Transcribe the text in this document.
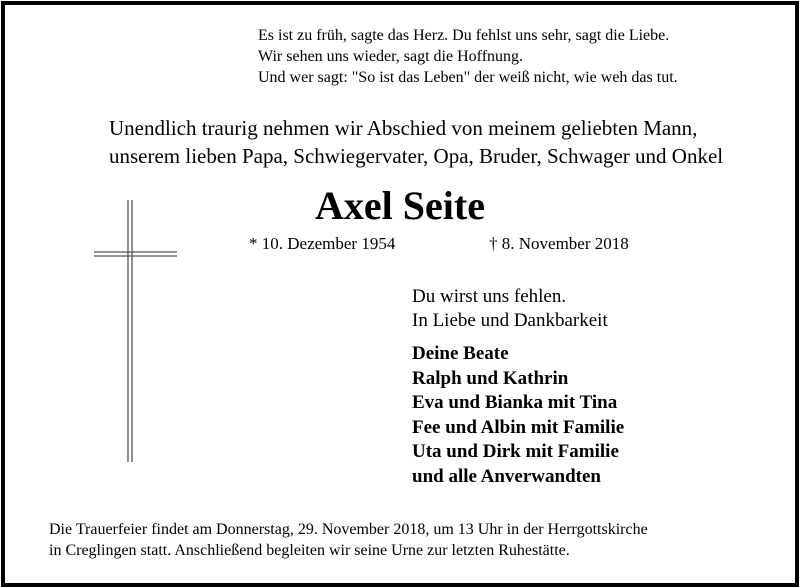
Es ist zu früh, sagte das Herz. Du fehlst uns sehr, sagt die Liebe.
Wir sehen uns wieder, sagt die Hoffnung.
Und wer sagt: "So ist das Leben" der weiß nicht, wie weh das tut.
Unendlich traurig nehmen wir Abschied von meinem geliebten Mann,
unserem lieben Papa, Schwiegervater, Opa, Bruder, Schwager und Onkel
Axel Seite
* 10. Dezember 1954	† 8. November 2018
Du wirst uns fehlen.
In Liebe und Dankbarkeit
Deine Beate
Ralph und Kathrin
Eva und Bianka mit Tina
Fee und Albin mit Familie
Uta und Dirk mit Familie
und alle Anverwandten
Die Trauerfeier findet am Donnerstag, 29. November 2018, um 13 Uhr in der Herrgottskirche
in Creglingen statt. Anschließend begleiten wir seine Urne zur letzten Ruhestätte.
